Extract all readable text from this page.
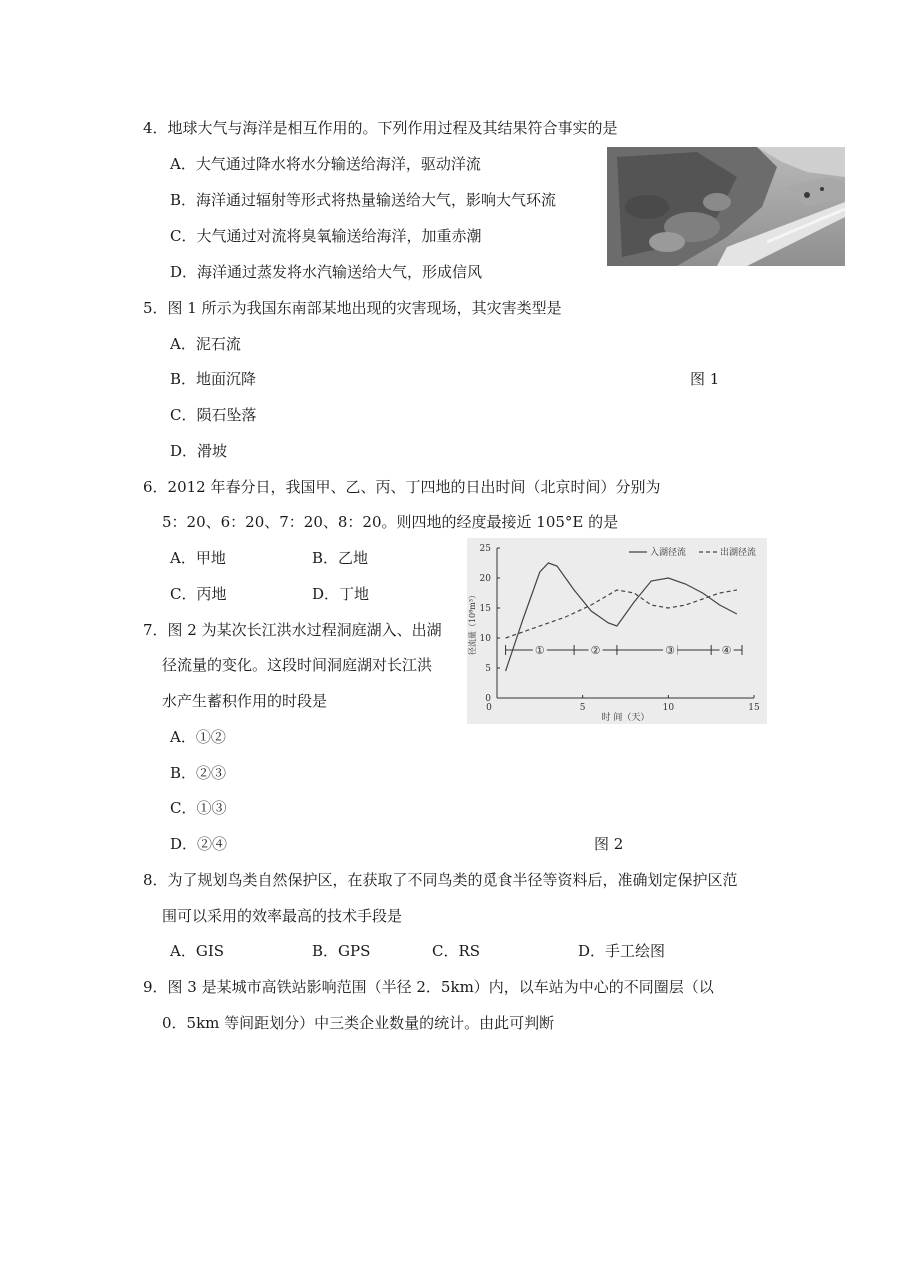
4．地球大气与海洋是相互作用的。下列作用过程及其结果符合事实的是
A．大气通过降水将水分输送给海洋，驱动洋流
B．海洋通过辐射等形式将热量输送给大气，影响大气环流
C．大气通过对流将臭氧输送给海洋，加重赤潮
D．海洋通过蒸发将水汽输送给大气，形成信风
5．图 1 所示为我国东南部某地出现的灾害现场，其灾害类型是
A．泥石流
B．地面沉降	图 1
C．陨石坠落
D．滑坡
6．2012 年春分日，我国甲、乙、丙、丁四地的日出时间（北京时间）分别为
5：20、6：20、7：20、8：20。则四地的经度最接近 105°E 的是
A．甲地	B．乙地
C．丙地	D．丁地
0
5
10
15
20
25
0	5	10	15
时 间（天）
径流量（10⁸m³）
入湖径流	出湖径流
①	②	③	④
7．图 2 为某次长江洪水过程洞庭湖入、出湖
径流量的变化。这段时间洞庭湖对长江洪
水产生蓄积作用的时段是
A．①②
B．②③
C．①③
D．②④	图 2
8．为了规划鸟类自然保护区，在获取了不同鸟类的觅食半径等资料后，准确划定保护区范
围可以采用的效率最高的技术手段是
A．GIS	B．GPS	C．RS	D．手工绘图
9．图 3 是某城市高铁站影响范围（半径 2．5km）内，以车站为中心的不同圈层（以
0．5km 等间距划分）中三类企业数量的统计。由此可判断
